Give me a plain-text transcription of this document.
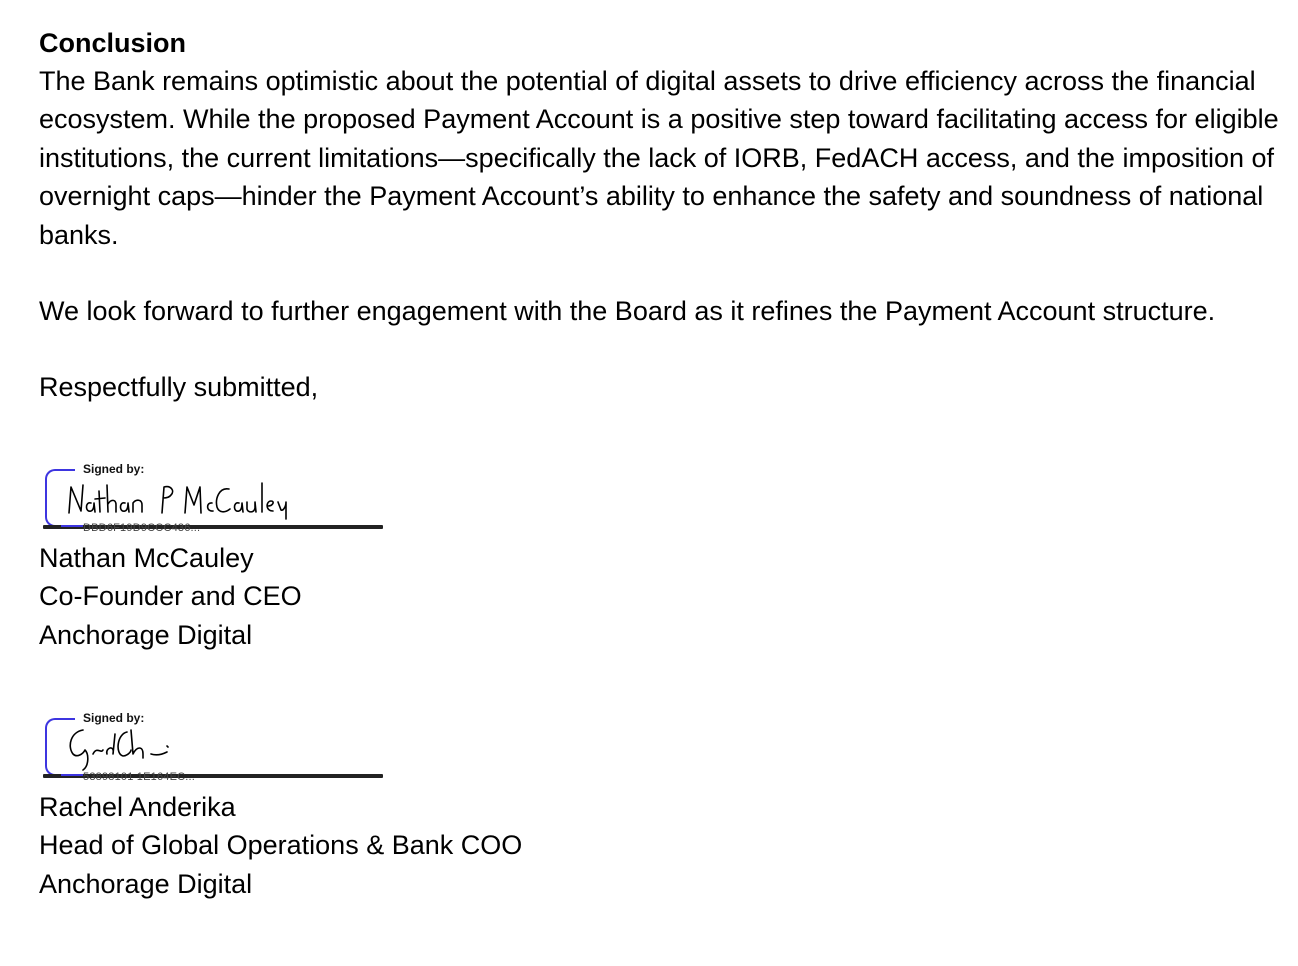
Conclusion

The Bank remains optimistic about the potential of digital assets to drive efficiency across the financial ecosystem. While the proposed Payment Account is a positive step toward facilitating access for eligible institutions, the current limitations—specifically the lack of IORB, FedACH access, and the imposition of overnight caps—hinder the Payment Account’s ability to enhance the safety and soundness of national banks.

We look forward to further engagement with the Board as it refines the Payment Account structure.

Respectfully submitted,

Signed by:
DBD6F19D9CCC436...

Nathan McCauley

Co-Founder and CEO

Anchorage Digital

Signed by:
53898101 1E164EC...

Rachel Anderika

Head of Global Operations & Bank COO

Anchorage Digital
